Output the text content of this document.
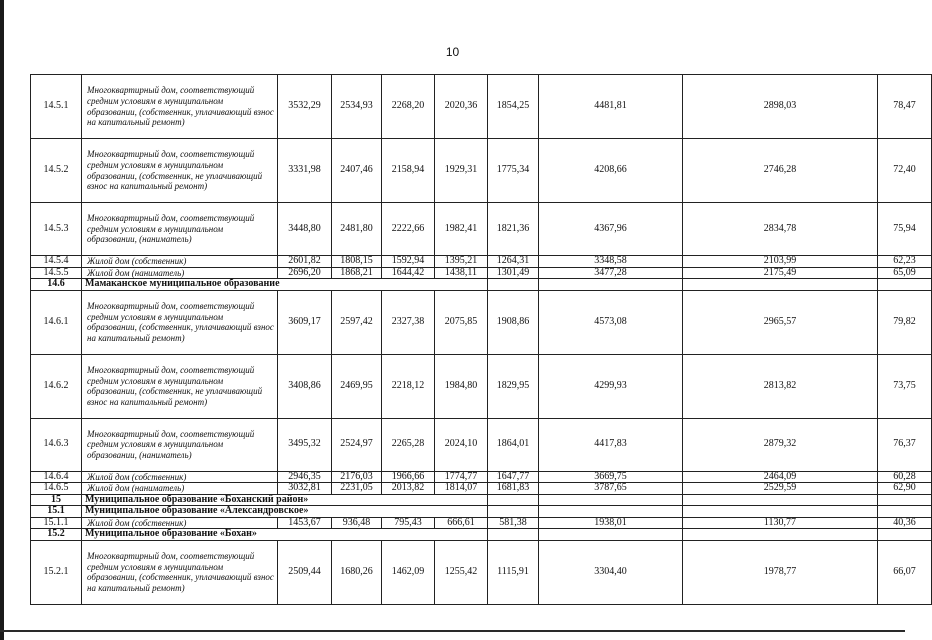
10
14.5.1	Многоквартирный дом, соответствующий средним условиям в муниципальном образовании, (собственник, уплачивающий взнос на капитальный ремонт)	3532,29	2534,93	2268,20	2020,36	1854,25	4481,81	2898,03	78,47
14.5.2	Многоквартирный дом, соответствующий средним условиям в муниципальном образовании, (собственник, не уплачивающий взнос на капитальный ремонт)	3331,98	2407,46	2158,94	1929,31	1775,34	4208,66	2746,28	72,40
14.5.3	Многоквартирный дом, соответствующий средним условиям в муниципальном образовании, (наниматель)	3448,80	2481,80	2222,66	1982,41	1821,36	4367,96	2834,78	75,94
14.5.4	Жилой дом (собственник)	2601,82	1808,15	1592,94	1395,21	1264,31	3348,58	2103,99	62,23
14.5.5	Жилой дом (наниматель)	2696,20	1868,21	1644,42	1438,11	1301,49	3477,28	2175,49	65,09
14.6	Мамаканское муниципальное образование								
14.6.1	Многоквартирный дом, соответствующий средним условиям в муниципальном образовании, (собственник, уплачивающий взнос на капитальный ремонт)	3609,17	2597,42	2327,38	2075,85	1908,86	4573,08	2965,57	79,82
14.6.2	Многоквартирный дом, соответствующий средним условиям в муниципальном образовании, (собственник, не уплачивающий взнос на капитальный ремонт)	3408,86	2469,95	2218,12	1984,80	1829,95	4299,93	2813,82	73,75
14.6.3	Многоквартирный дом, соответствующий средним условиям в муниципальном образовании, (наниматель)	3495,32	2524,97	2265,28	2024,10	1864,01	4417,83	2879,32	76,37
14.6.4	Жилой дом (собственник)	2946,35	2176,03	1966,66	1774,77	1647,77	3669,75	2464,09	60,28
14.6.5	Жилой дом (наниматель)	3032,81	2231,05	2013,82	1814,07	1681,83	3787,65	2529,59	62,90
15	Муниципальное образование «Боханский район»								
15.1	Муниципальное образование «Александровское»								
15.1.1	Жилой дом (собственник)	1453,67	936,48	795,43	666,61	581,38	1938,01	1130,77	40,36
15.2	Муниципальное образование «Бохан»								
15.2.1	Многоквартирный дом, соответствующий средним условиям в муниципальном образовании, (собственник, уплачивающий взнос на капитальный ремонт)	2509,44	1680,26	1462,09	1255,42	1115,91	3304,40	1978,77	66,07
